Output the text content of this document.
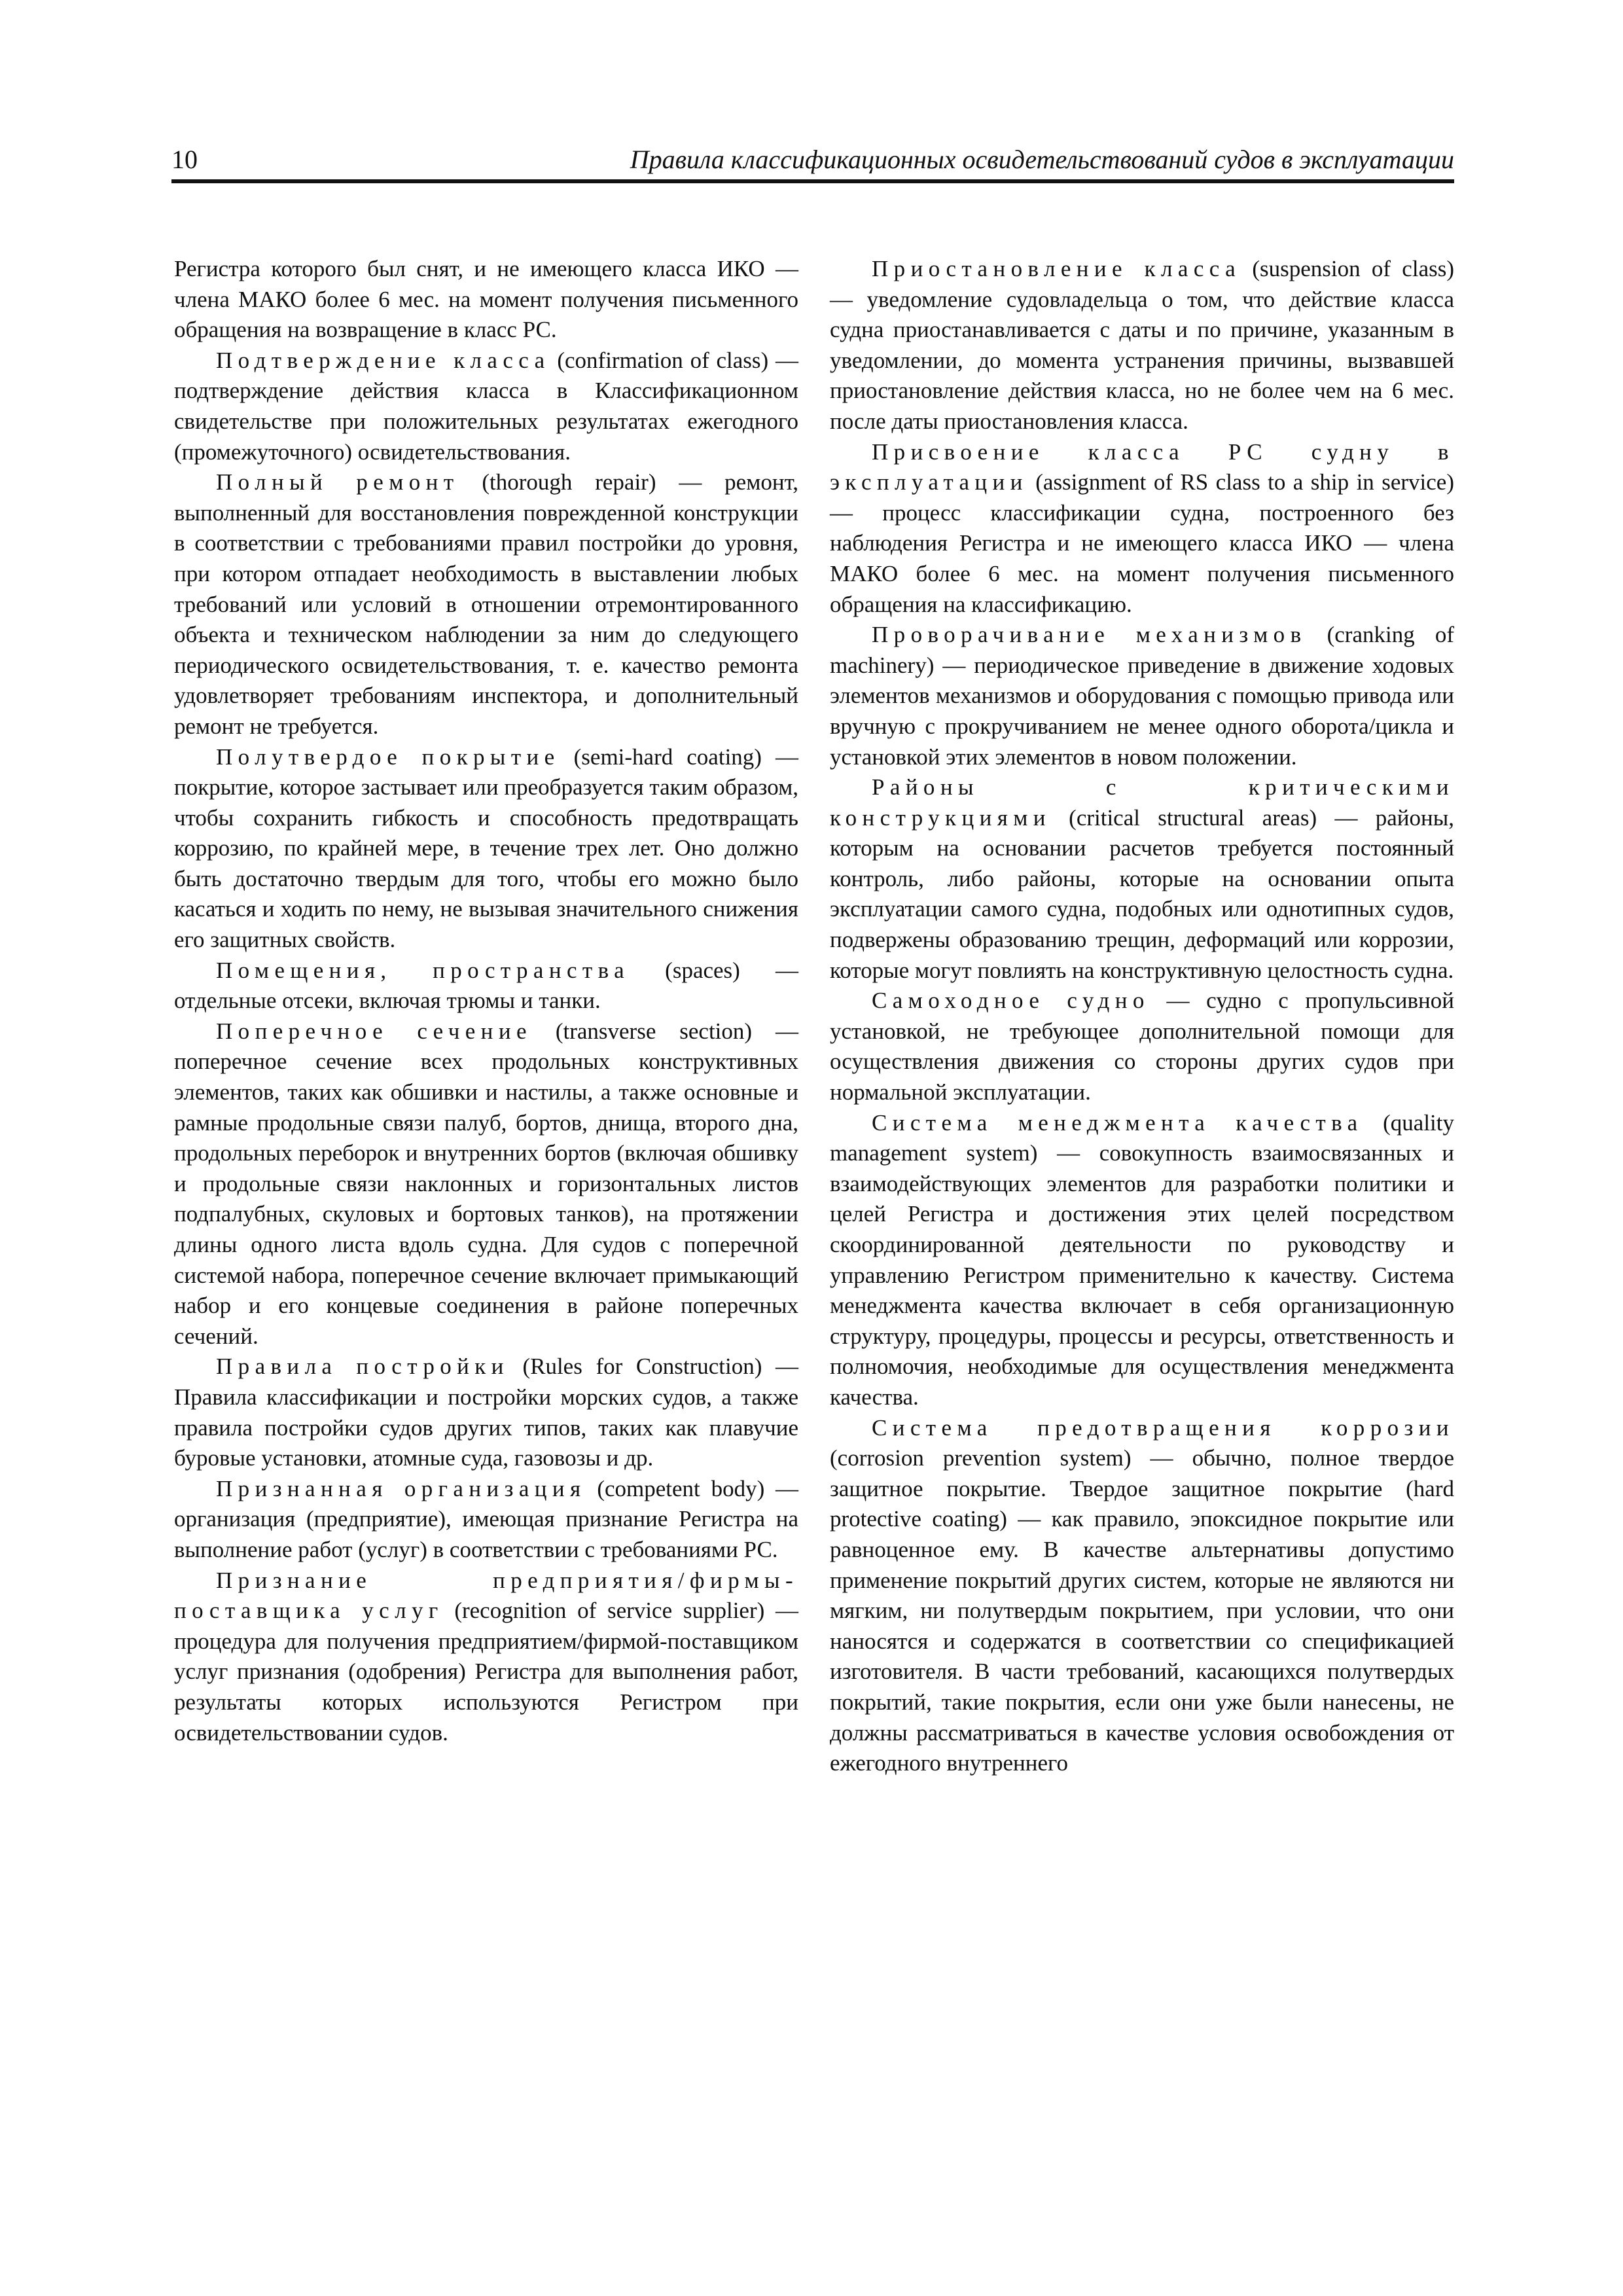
10	Правила классификационных освидетельствований судов в эксплуатации

Регистра которого был снят, и не имеющего класса ИКО — члена МАКО более 6 мес. на момент получения письменного обращения на возвращение в класс РС.

Подтверждение класса (confirmation of class) — подтверждение действия класса в Классификационном свидетельстве при положительных результатах ежегодного (промежуточного) освидетельствования.

Полный ремонт (thorough repair) — ремонт, выполненный для восстановления поврежденной конструкции в соответствии с требованиями правил постройки до уровня, при котором отпадает необходимость в выставлении любых требований или условий в отношении отремонтированного объекта и техническом наблюдении за ним до следующего периодического освидетельствования, т. е. качество ремонта удовлетворяет требованиям инспектора, и дополнительный ремонт не требуется.

Полутвердое покрытие (semi-hard coating) — покрытие, которое застывает или преобразуется таким образом, чтобы сохранить гибкость и способность предотвращать коррозию, по крайней мере, в течение трех лет. Оно должно быть достаточно твердым для того, чтобы его можно было касаться и ходить по нему, не вызывая значительного снижения его защитных свойств.

Помещения, пространства (spaces) — отдельные отсеки, включая трюмы и танки.

Поперечное сечение (transverse section) — поперечное сечение всех продольных конструктивных элементов, таких как обшивки и настилы, а также основные и рамные продольные связи палуб, бортов, днища, второго дна, продольных переборок и внутренних бортов (включая обшивку и продольные связи наклонных и горизонтальных листов подпалубных, скуловых и бортовых танков), на протяжении длины одного листа вдоль судна. Для судов с поперечной системой набора, поперечное сечение включает примыкающий набор и его концевые соединения в районе поперечных сечений.

Правила постройки (Rules for Construction) — Правила классификации и постройки морских судов, а также правила постройки судов других типов, таких как плавучие буровые установки, атомные суда, газовозы и др.

Признанная организация (competent body) — организация (предприятие), имеющая признание Регистра на выполнение работ (услуг) в соответствии с требованиями РС.

Признание предприятия/фирмы-поставщика услуг (recognition of service supplier) — процедура для получения предприятием/фирмой-поставщиком услуг признания (одобрения) Регистра для выполнения работ, результаты которых используются Регистром при освидетельствовании судов.

Приостановление класса (suspension of class) — уведомление судовладельца о том, что действие класса судна приостанавливается с даты и по причине, указанным в уведомлении, до момента устранения причины, вызвавшей приостановление действия класса, но не более чем на 6 мес. после даты приостановления класса.

Присвоение класса РС судну в эксплуатации (assignment of RS class to a ship in service) — процесс классификации судна, построенного без наблюдения Регистра и не имеющего класса ИКО — члена МАКО более 6 мес. на момент получения письменного обращения на классификацию.

Проворачивание механизмов (cranking of machinery) — периодическое приведение в движение ходовых элементов механизмов и оборудования с помощью привода или вручную с прокручиванием не менее одного оборота/цикла и установкой этих элементов в новом положении.

Районы с критическими конструкциями (critical structural areas) — районы, которым на основании расчетов требуется постоянный контроль, либо районы, которые на основании опыта эксплуатации самого судна, подобных или однотипных судов, подвержены образованию трещин, деформаций или коррозии, которые могут повлиять на конструктивную целостность судна.

Самоходное судно — судно с пропульсивной установкой, не требующее дополнительной помощи для осуществления движения со стороны других судов при нормальной эксплуатации.

Система менеджмента качества (quality management system) — совокупность взаимосвязанных и взаимодействующих элементов для разработки политики и целей Регистра и достижения этих целей посредством скоординированной деятельности по руководству и управлению Регистром применительно к качеству. Система менеджмента качества включает в себя организационную структуру, процедуры, процессы и ресурсы, ответственность и полномочия, необходимые для осуществления менеджмента качества.

Система предотвращения коррозии (corrosion prevention system) — обычно, полное твердое защитное покрытие. Твердое защитное покрытие (hard protective coating) — как правило, эпоксидное покрытие или равноценное ему. В качестве альтернативы допустимо применение покрытий других систем, которые не являются ни мягким, ни полутвердым покрытием, при условии, что они наносятся и содержатся в соответствии со спецификацией изготовителя. В части требований, касающихся полутвердых покрытий, такие покрытия, если они уже были нанесены, не должны рассматриваться в качестве условия освобождения от ежегодного внутреннего
